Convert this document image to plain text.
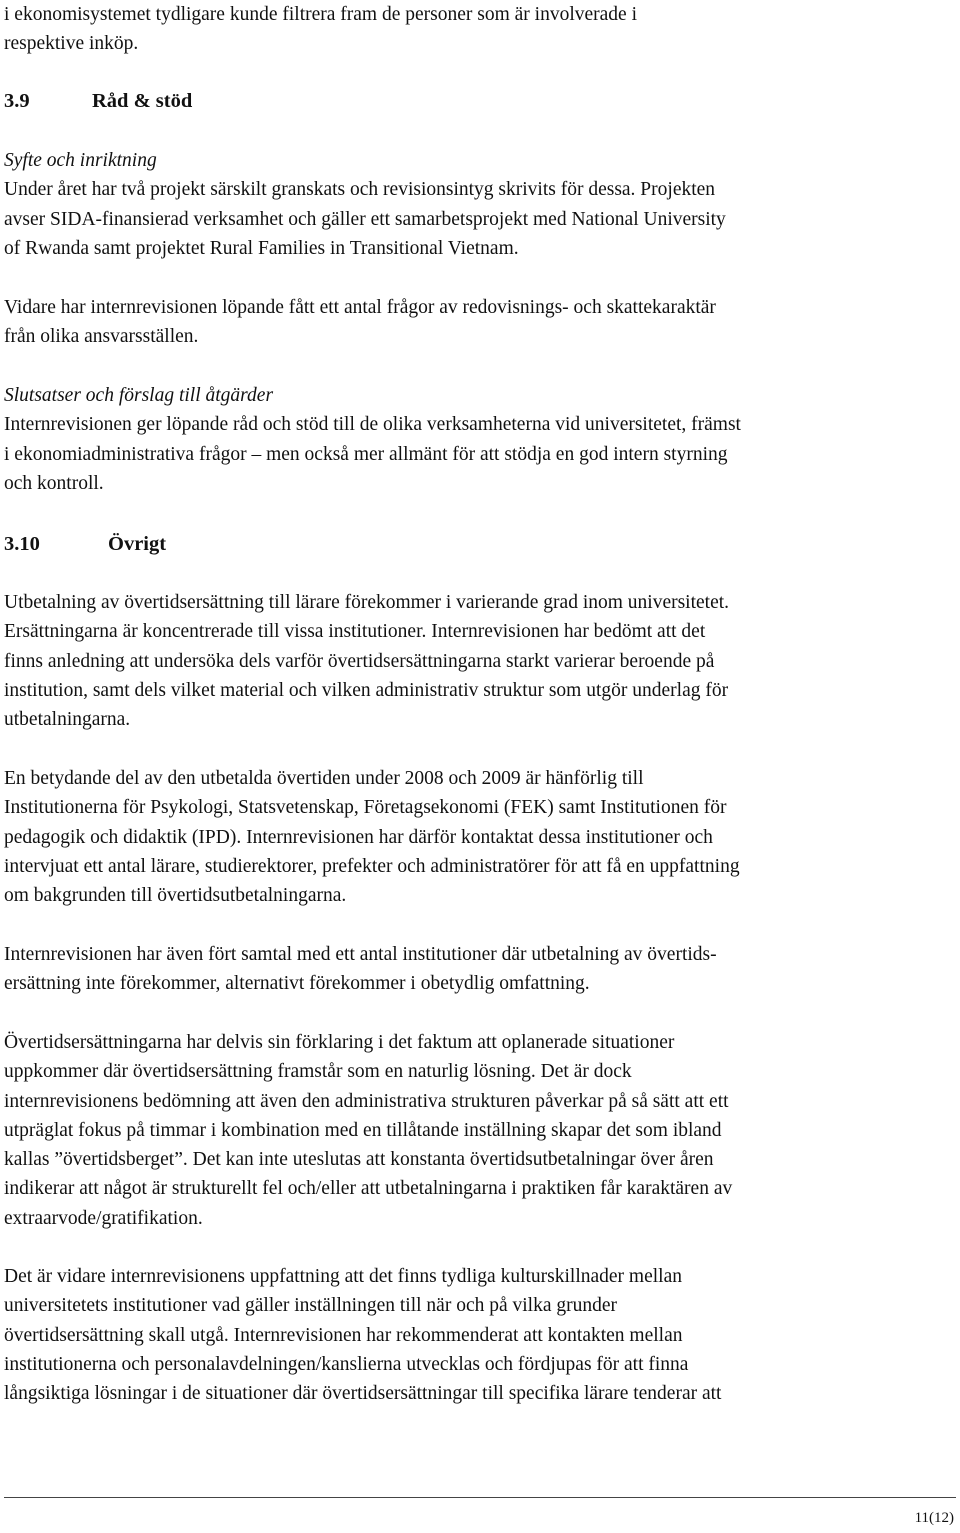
i ekonomisystemet tydligare kunde filtrera fram de personer som är involverade i
respektive inköp.

3.9	Råd & stöd

Syfte och inriktning
Under året har två projekt särskilt granskats och revisionsintyg skrivits för dessa. Projekten
avser SIDA-finansierad verksamhet och gäller ett samarbetsprojekt med National University
of Rwanda samt projektet Rural Families in Transitional Vietnam.

Vidare har internrevisionen löpande fått ett antal frågor av redovisnings- och skattekaraktär
från olika ansvarsställen.

Slutsatser och förslag till åtgärder
Internrevisionen ger löpande råd och stöd till de olika verksamheterna vid universitetet, främst
i ekonomiadministrativa frågor – men också mer allmänt för att stödja en god intern styrning
och kontroll.

3.10	Övrigt

Utbetalning av övertidsersättning till lärare förekommer i varierande grad inom universitetet.
Ersättningarna är koncentrerade till vissa institutioner. Internrevisionen har bedömt att det
finns anledning att undersöka dels varför övertidsersättningarna starkt varierar beroende på
institution, samt dels vilket material och vilken administrativ struktur som utgör underlag för
utbetalningarna.

En betydande del av den utbetalda övertiden under 2008 och 2009 är hänförlig till
Institutionerna för Psykologi, Statsvetenskap, Företagsekonomi (FEK) samt Institutionen för
pedagogik och didaktik (IPD). Internrevisionen har därför kontaktat dessa institutioner och
intervjuat ett antal lärare, studierektorer, prefekter och administratörer för att få en uppfattning
om bakgrunden till övertidsutbetalningarna.

Internrevisionen har även fört samtal med ett antal institutioner där utbetalning av övertids-
ersättning inte förekommer, alternativt förekommer i obetydlig omfattning.

Övertidsersättningarna har delvis sin förklaring i det faktum att oplanerade situationer
uppkommer där övertidsersättning framstår som en naturlig lösning. Det är dock
internrevisionens bedömning att även den administrativa strukturen påverkar på så sätt att ett
utpräglat fokus på timmar i kombination med en tillåtande inställning skapar det som ibland
kallas ”övertidsberget”. Det kan inte uteslutas att konstanta övertidsutbetalningar över åren
indikerar att något är strukturellt fel och/eller att utbetalningarna i praktiken får karaktären av
extraarvode/gratifikation.

Det är vidare internrevisionens uppfattning att det finns tydliga kulturskillnader mellan
universitetets institutioner vad gäller inställningen till när och på vilka grunder
övertidsersättning skall utgå. Internrevisionen har rekommenderat att kontakten mellan
institutionerna och personalavdelningen/kanslierna utvecklas och fördjupas för att finna
långsiktiga lösningar i de situationer där övertidsersättningar till specifika lärare tenderar att

11(12)
